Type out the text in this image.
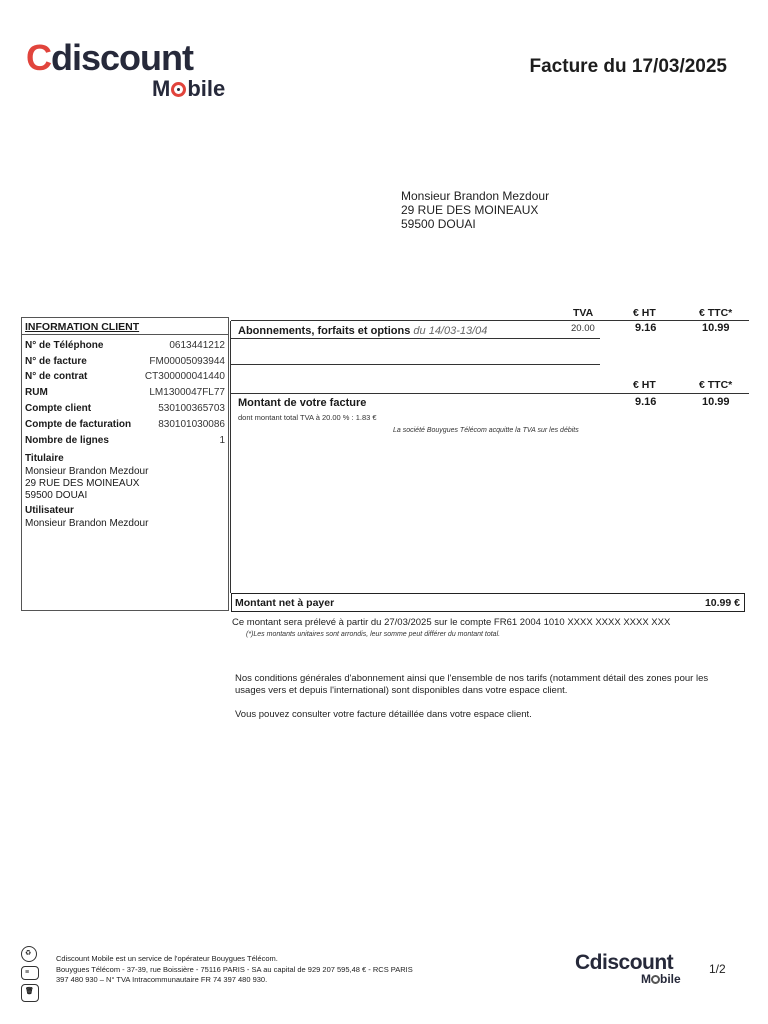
Cdiscount
M bile
Facture du 17/03/2025
Monsieur Brandon Mezdour
29 RUE DES MOINEAUX
59500 DOUAI
INFORMATION CLIENT
N° de Téléphone	0613441212
N° de facture	FM00005093944
N° de contrat	CT300000041440
RUM	LM1300047FL77
Compte client	530100365703
Compte de facturation	830101030086
Nombre de lignes	1
Titulaire
Monsieur Brandon Mezdour
29 RUE DES MOINEAUX
59500 DOUAI
Utilisateur
Monsieur Brandon Mezdour
TVA	€ HT	€ TTC*
Abonnements, forfaits et options du 14/03-13/04	20.00	9.16	10.99
€ HT	€ TTC*
Montant de votre facture	9.16	10.99
dont montant total TVA à 20.00 % : 1.83 €
La société Bouygues Télécom acquitte la TVA sur les débits
Montant net à payer	10.99 €
Ce montant sera prélevé à partir du 27/03/2025 sur le compte FR61 2004 1010 XXXX XXXX XXXX XXX
(*)Les montants unitaires sont arrondis, leur somme peut différer du montant total.
Nos conditions générales d'abonnement ainsi que l'ensemble de nos tarifs (notamment détail des zones pour les usages vers et depuis l'international) sont disponibles dans votre espace client.
Vous pouvez consulter votre facture détaillée dans votre espace client.
♻
≡
🗑
Cdiscount Mobile est un service de l'opérateur Bouygues Télécom.
Bouygues Télécom - 37-39, rue Boissière - 75116 PARIS - SA au capital de 929 207 595,48 € - RCS PARIS
397 480 930 – N° TVA Intracommunautaire FR 74 397 480 930.
Cdiscount
M bile
1/2
